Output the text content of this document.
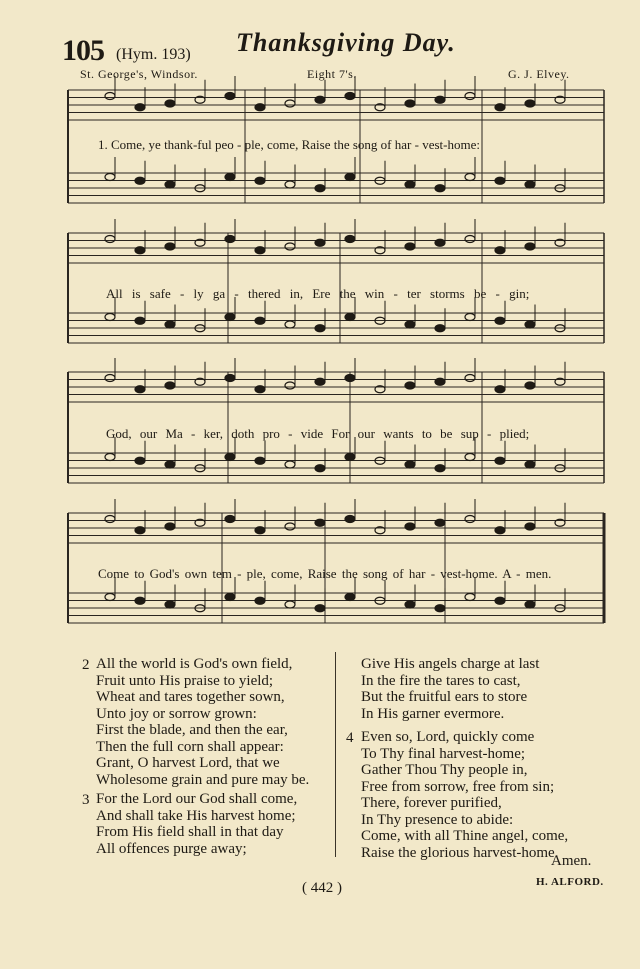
105 (Hym. 193) Thanksgiving Day.
St. George's, Windsor.	Eight 7's.	G. J. Elvey.
1. Come, ye thank-ful peo - ple, come, Raise the song of har - vest-home:
All is safe - ly ga - thered in, Ere the win - ter storms be - gin;
God, our Ma - ker, doth pro - vide For our wants to be sup - plied;
Come to God's own tem - ple, come, Raise the song of har - vest-home. A - men.
2 All the world is God's own field,
Fruit unto His praise to yield;
Wheat and tares together sown,
Unto joy or sorrow grown:
First the blade, and then the ear,
Then the full corn shall appear:
Grant, O harvest Lord, that we
Wholesome grain and pure may be.
3 For the Lord our God shall come,
And shall take His harvest home;
From His field shall in that day
All offences purge away;
Give His angels charge at last
In the fire the tares to cast,
But the fruitful ears to store
In His garner evermore.
4 Even so, Lord, quickly come
To Thy final harvest-home;
Gather Thou Thy people in,
Free from sorrow, free from sin;
There, forever purified,
In Thy presence to abide:
Come, with all Thine angel, come,
Raise the glorious harvest-home.
Amen.
H. ALFORD.
( 442 )
